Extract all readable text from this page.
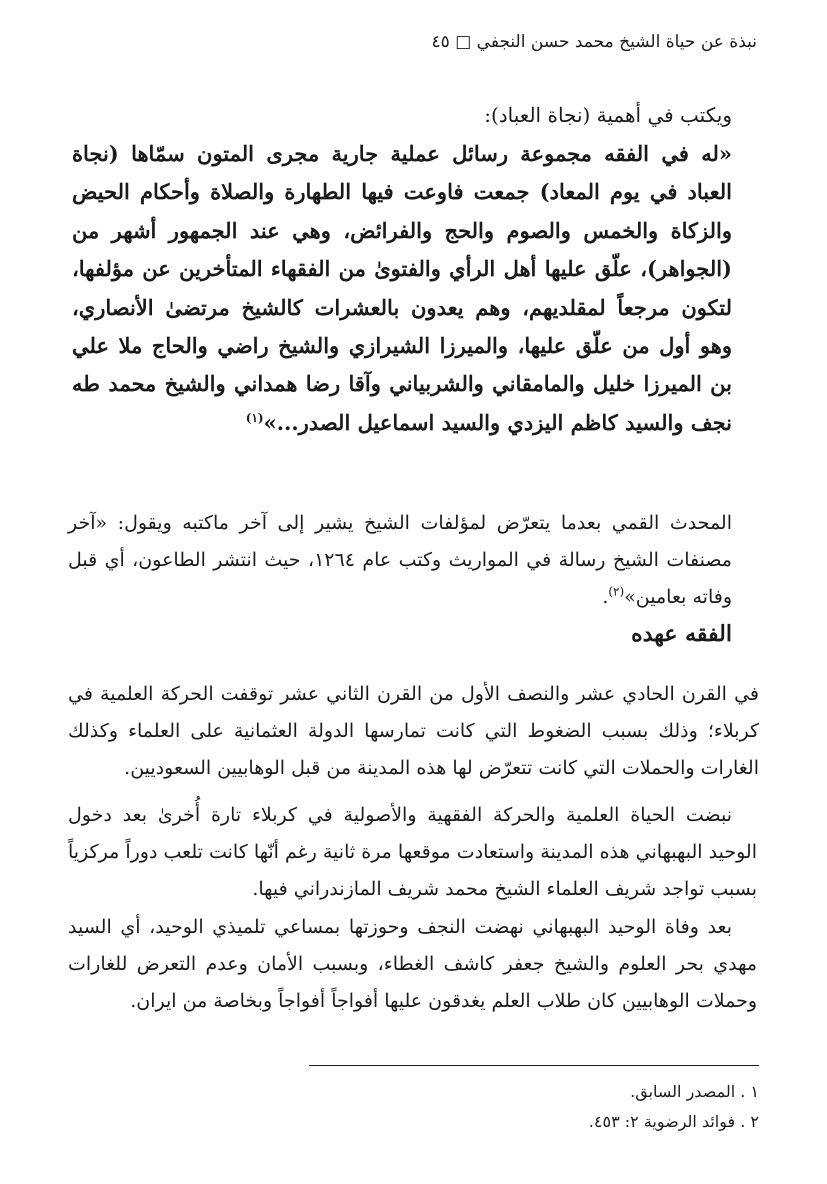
نبذة عن حياة الشيخ محمد حسن النجفي □ ٤٥
ويكتب في أهمية (نجاة العباد):

«له في الفقه مجموعة رسائل عملية جارية مجرى المتون سمّاها (نجاة العباد في يوم المعاد) جمعت فاوعت فيها الطهارة والصلاة وأحكام الحيض والزكاة والخمس والصوم والحج والفرائض، وهي عند الجمهور أشهر من (الجواهر)، علّق عليها أهل الرأي والفتوىٰ من الفقهاء المتأخرين عن مؤلفها، لتكون مرجعاً لمقلديهم، وهم يعدون بالعشرات كالشيخ مرتضىٰ الأنصاري، وهو أول من علّق عليها، والميرزا الشيرازي والشيخ راضي والحاج ملا علي بن الميرزا خليل والمامقاني والشربياني وآقا رضا همداني والشيخ محمد طه نجف والسيد كاظم اليزدي والسيد اسماعيل الصدر...»$^{(١)}$

المحدث القمي بعدما يتعرّض لمؤلفات الشيخ يشير إلى آخر ماكتبه ويقول: «آخر مصنفات الشيخ رسالة في المواريث وكتب عام ١٢٦٤، حيث انتشر الطاعون، أي قبل وفاته بعامين»$^{(٢)}$.

الفقه عهده

في القرن الحادي عشر والنصف الأول من القرن الثاني عشر توقفت الحركة العلمية في كربلاء؛ وذلك بسبب الضغوط التي كانت تمارسها الدولة العثمانية على العلماء وكذلك الغارات والحملات التي كانت تتعرّض لها هذه المدينة من قبل الوهابيين السعوديين.

نبضت الحياة العلمية والحركة الفقهية والأصولية في كربلاء تارة أُخرىٰ بعد دخول الوحيد البهبهاني هذه المدينة واستعادت موقعها مرة ثانية رغم أنّها كانت تلعب دوراً مركزياً بسبب تواجد شريف العلماء الشيخ محمد شريف المازندراني فيها.

بعد وفاة الوحيد البهبهاني نهضت النجف وحوزتها بمساعي تلميذي الوحيد، أي السيد مهدي بحر العلوم والشيخ جعفر كاشف الغطاء، وبسبب الأمان وعدم التعرض للغارات وحملات الوهابيين كان طلاب العلم يغدقون عليها أفواجاً أفواجاً وبخاصة من ايران.

١ . المصدر السابق.
٢ . فوائد الرضوية ٢: ٤٥٣.
